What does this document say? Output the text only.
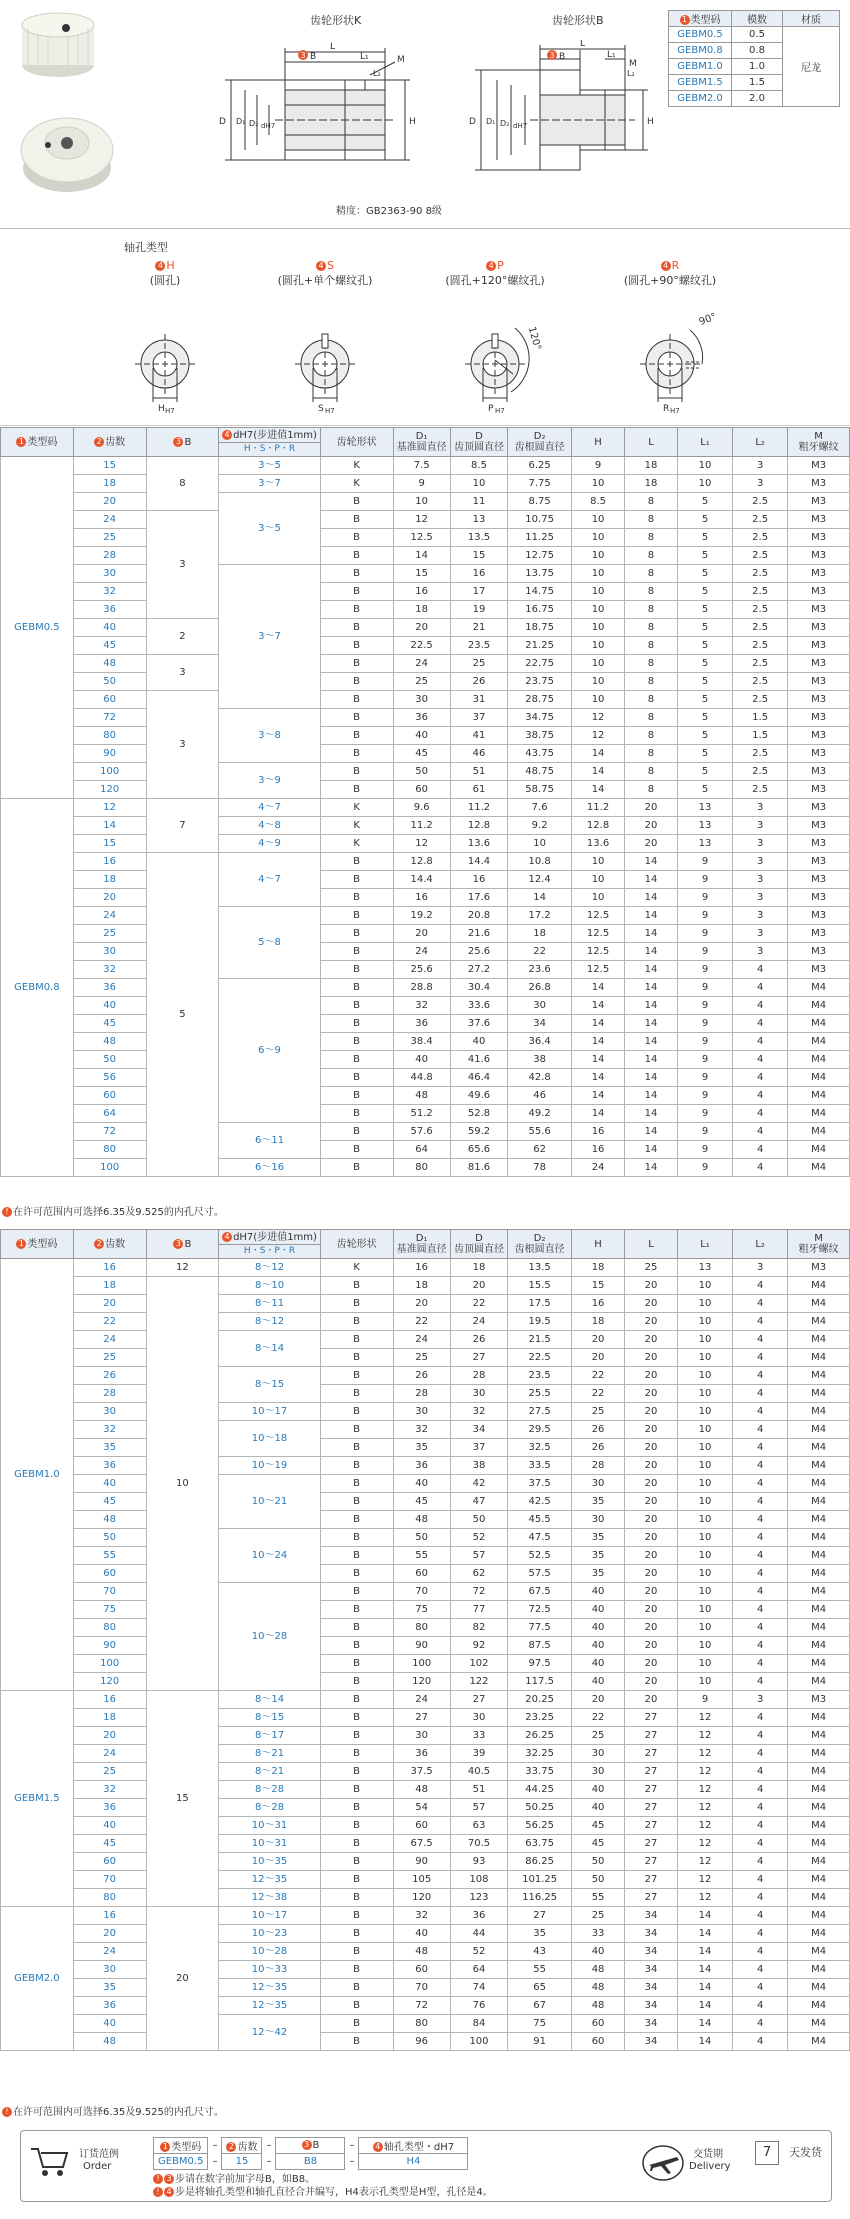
齿轮形状K
L
L₁
L₂
M
3 B
D D₁ D₂ dH7	H
齿轮形状B
L
L₁
L₂
M
3 B
D D₁ D₂ dH7	H
精度：GB2363-90 8级
1 类型码	模数	材质
GEBM0.5	0.5	尼龙
GEBM0.8	0.8	
GEBM1.0	1.0	
GEBM1.5	1.5	
GEBM2.0	2.0	
轴孔类型
4 H
(圆孔)
H H7
4 S
(圆孔+单个螺纹孔)
S H7
4 P
(圆孔+120°螺纹孔)
120°
P H7
4 R
(圆孔+90°螺纹孔)
90°
R H7
1 类型码	2 齿数	3 B	4 dH7(步进值1mm)	齿轮形状	D₁
基准圆直径	D
齿顶圆直径	D₂
齿根圆直径	H	L	L₁	L₂	M
粗牙螺纹
			H・S・P・R									
GEBM0.5	15	8	3～5	K	7.5	8.5	6.25	9	18	10	3	M3
	18		3～7	K	9	10	7.75	10	18	10	3	M3
	20		3～5	B	10	11	8.75	8.5	8	5	2.5	M3
	24	3		B	12	13	10.75	10	8	5	2.5	M3
	25			B	12.5	13.5	11.25	10	8	5	2.5	M3
	28			B	14	15	12.75	10	8	5	2.5	M3
	30		3～7	B	15	16	13.75	10	8	5	2.5	M3
	32			B	16	17	14.75	10	8	5	2.5	M3
	36			B	18	19	16.75	10	8	5	2.5	M3
	40	2		B	20	21	18.75	10	8	5	2.5	M3
	45			B	22.5	23.5	21.25	10	8	5	2.5	M3
	48	3		B	24	25	22.75	10	8	5	2.5	M3
	50			B	25	26	23.75	10	8	5	2.5	M3
	60	3		B	30	31	28.75	10	8	5	2.5	M3
	72		3～8	B	36	37	34.75	12	8	5	1.5	M3
	80			B	40	41	38.75	12	8	5	1.5	M3
	90			B	45	46	43.75	14	8	5	2.5	M3
	100		3～9	B	50	51	48.75	14	8	5	2.5	M3
	120			B	60	61	58.75	14	8	5	2.5	M3
GEBM0.8	12	7	4～7	K	9.6	11.2	7.6	11.2	20	13	3	M3
	14		4～8	K	11.2	12.8	9.2	12.8	20	13	3	M3
	15		4～9	K	12	13.6	10	13.6	20	13	3	M3
	16	5	4～7	B	12.8	14.4	10.8	10	14	9	3	M3
	18			B	14.4	16	12.4	10	14	9	3	M3
	20			B	16	17.6	14	10	14	9	3	M3
	24		5～8	B	19.2	20.8	17.2	12.5	14	9	3	M3
	25			B	20	21.6	18	12.5	14	9	3	M3
	30			B	24	25.6	22	12.5	14	9	3	M3
	32			B	25.6	27.2	23.6	12.5	14	9	4	M3
	36		6～9	B	28.8	30.4	26.8	14	14	9	4	M4
	40			B	32	33.6	30	14	14	9	4	M4
	45			B	36	37.6	34	14	14	9	4	M4
	48			B	38.4	40	36.4	14	14	9	4	M4
	50			B	40	41.6	38	14	14	9	4	M4
	56			B	44.8	46.4	42.8	14	14	9	4	M4
	60			B	48	49.6	46	14	14	9	4	M4
	64			B	51.2	52.8	49.2	14	14	9	4	M4
	72		6～11	B	57.6	59.2	55.6	16	14	9	4	M4
	80			B	64	65.6	62	16	14	9	4	M4
	100		6～16	B	80	81.6	78	24	14	9	4	M4
! 在许可范围内可选择6.35及9.525的内孔尺寸。
1 类型码	2 齿数	3 B	4 dH7(步进值1mm)	齿轮形状	D₁
基准圆直径	D
齿顶圆直径	D₂
齿根圆直径	H	L	L₁	L₂	M
粗牙螺纹
			H・S・P・R									
GEBM1.0	16	12	8～12	K	16	18	13.5	18	25	13	3	M3
	18	10	8～10	B	18	20	15.5	15	20	10	4	M4
	20		8～11	B	20	22	17.5	16	20	10	4	M4
	22		8～12	B	22	24	19.5	18	20	10	4	M4
	24		8～14	B	24	26	21.5	20	20	10	4	M4
	25			B	25	27	22.5	20	20	10	4	M4
	26		8～15	B	26	28	23.5	22	20	10	4	M4
	28			B	28	30	25.5	22	20	10	4	M4
	30		10～17	B	30	32	27.5	25	20	10	4	M4
	32		10～18	B	32	34	29.5	26	20	10	4	M4
	35			B	35	37	32.5	26	20	10	4	M4
	36		10～19	B	36	38	33.5	28	20	10	4	M4
	40		10～21	B	40	42	37.5	30	20	10	4	M4
	45			B	45	47	42.5	35	20	10	4	M4
	48			B	48	50	45.5	30	20	10	4	M4
	50		10～24	B	50	52	47.5	35	20	10	4	M4
	55			B	55	57	52.5	35	20	10	4	M4
	60			B	60	62	57.5	35	20	10	4	M4
	70		10～28	B	70	72	67.5	40	20	10	4	M4
	75			B	75	77	72.5	40	20	10	4	M4
	80			B	80	82	77.5	40	20	10	4	M4
	90			B	90	92	87.5	40	20	10	4	M4
	100			B	100	102	97.5	40	20	10	4	M4
	120			B	120	122	117.5	40	20	10	4	M4
GEBM1.5	16	15	8～14	B	24	27	20.25	20	20	9	3	M3
	18		8～15	B	27	30	23.25	22	27	12	4	M4
	20		8～17	B	30	33	26.25	25	27	12	4	M4
	24		8～21	B	36	39	32.25	30	27	12	4	M4
	25		8～21	B	37.5	40.5	33.75	30	27	12	4	M4
	32		8～28	B	48	51	44.25	40	27	12	4	M4
	36		8～28	B	54	57	50.25	40	27	12	4	M4
	40		10～31	B	60	63	56.25	45	27	12	4	M4
	45		10～31	B	67.5	70.5	63.75	45	27	12	4	M4
	60		10～35	B	90	93	86.25	50	27	12	4	M4
	70		12～35	B	105	108	101.25	50	27	12	4	M4
	80		12～38	B	120	123	116.25	55	27	12	4	M4
GEBM2.0	16	20	10～17	B	32	36	27	25	34	14	4	M4
	20		10～23	B	40	44	35	33	34	14	4	M4
	24		10～28	B	48	52	43	40	34	14	4	M4
	30		10～33	B	60	64	55	48	34	14	4	M4
	35		12～35	B	70	74	65	48	34	14	4	M4
	36		12～35	B	72	76	67	48	34	14	4	M4
	40		12～42	B	80	84	75	60	34	14	4	M4
	48			B	96	100	91	60	34	14	4	M4
! 在许可范围内可选择6.35及9.525的内孔尺寸。
订货范例
Order
1 类型码	–	2 齿数	–	3 B	–	4 轴孔类型・dH7
GEBM0.5	–	15	–	B8	–	H4
! 3 步请在数字前加字母B，如B8。
! 4 步是将轴孔类型和轴孔直径合并编写，H4表示孔类型是H型，孔径是4。
交货期
Delivery
7	天发货
